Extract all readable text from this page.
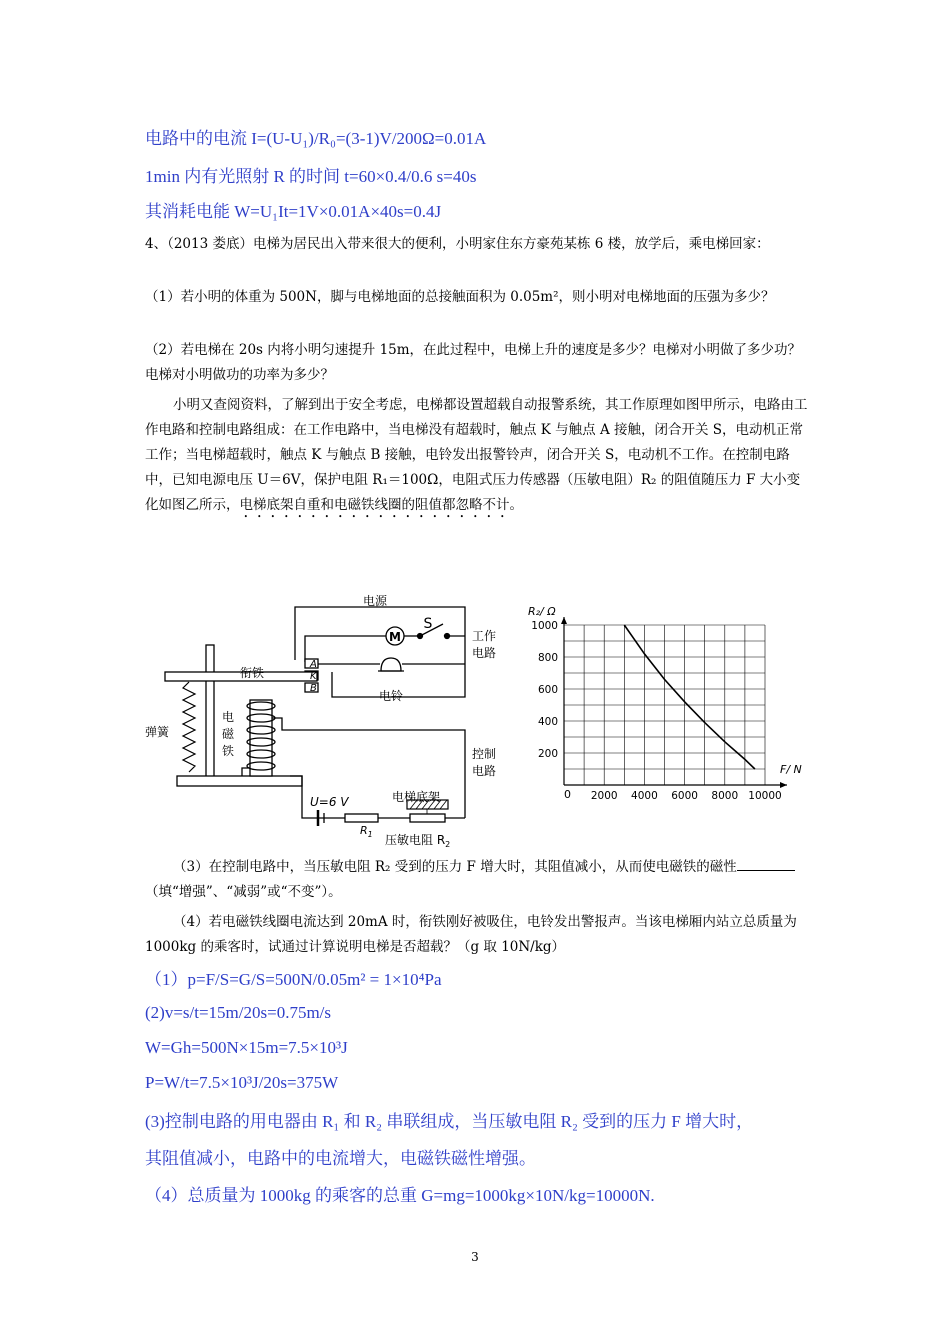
电路中的电流 I=(U-U₁)/R₀=(3-1)V/200Ω=0.01A
1min 内有光照射 R 的时间 t=60×0.4/0.6 s=40s
其消耗电能 W=U₁It=1V×0.01A×40s=0.4J
4、（2013 娄底）电梯为居民出入带来很大的便利，小明家住东方豪苑某栋 6 楼，放学后，乘电梯回家：
（1）若小明的体重为 500N，脚与电梯地面的总接触面积为 0.05m²，则小明对电梯地面的压强为多少？
（2）若电梯在 20s 内将小明匀速提升 15m，在此过程中，电梯上升的速度是多少？电梯对小明做了多少功？电梯对小明做功的功率为多少？
小明又查阅资料，了解到出于安全考虑，电梯都设置超载自动报警系统，其工作原理如图甲所示，电路由工作电路和控制电路组成：在工作电路中，当电梯没有超载时，触点 K 与触点 A 接触，闭合开关 S，电动机正常工作；当电梯超载时，触点 K 与触点 B 接触，电铃发出报警铃声，闭合开关 S，电动机不工作。在控制电路中，已知电源电压 U＝6V，保护电阻 R₁＝100Ω，电阻式压力传感器（压敏电阻）R₂ 的阻值随压力 F 大小变化如图乙所示，电梯底架自重和电磁铁线圈的阻值都忽略不计。
M
电源
S
工作
电路
A
K
B
电铃
衔铁
弹簧
电
磁
铁	控制
电路
U=6 V
$R_1$
电梯底架
压敏电阻 $R_2$
2000 4000 6000 8000 10000
200
400
600
800
1000
R₂/ Ω
F/ N
0
（3）在控制电路中，当压敏电阻 R₂ 受到的压力 F 增大时，其阻值减小，从而使电磁铁的磁性（填“增强”、“减弱”或“不变”）。
（4）若电磁铁线圈电流达到 20mA 时，衔铁刚好被吸住，电铃发出警报声。当该电梯厢内站立总质量为 1000kg 的乘客时，试通过计算说明电梯是否超载？（g 取 10N/kg）
（1）p=F/S=G/S=500N/0.05m² = 1×10⁴Pa
(2)v=s/t=15m/20s=0.75m/s
W=Gh=500N×15m=7.5×10³J
P=W/t=7.5×10³J/20s=375W
(3)控制电路的用电器由 R₁ 和 R₂ 串联组成，当压敏电阻 R₂ 受到的压力 F 增大时，
其阻值减小，电路中的电流增大，电磁铁磁性增强。
（4）总质量为 1000kg 的乘客的总重 G=mg=1000kg×10N/kg=10000N.
3
